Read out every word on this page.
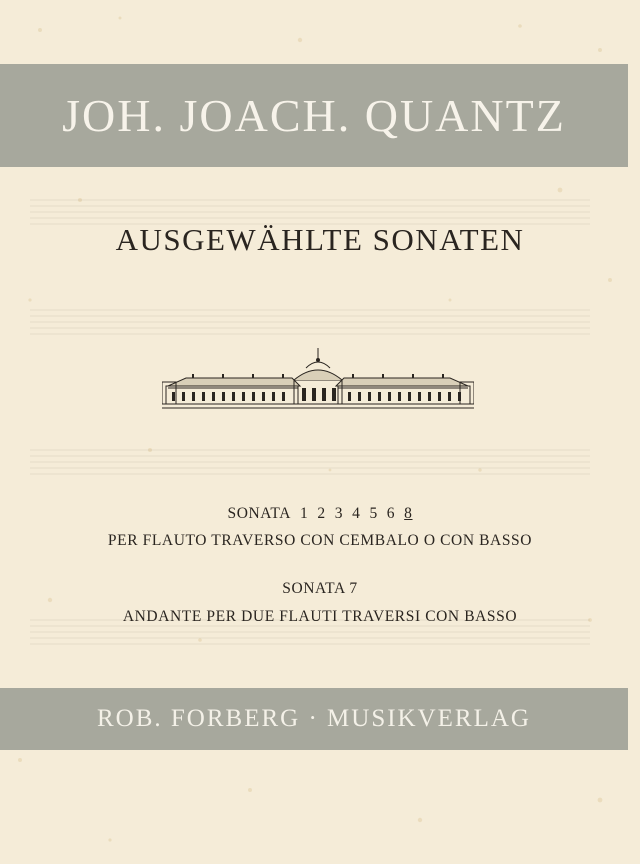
JOH. JOACH. QUANTZ
AUSGEWÄHLTE SONATEN
SONATA 1 2 3 4 5 6 8
PER FLAUTO TRAVERSO CON CEMBALO O CON BASSO
SONATA 7
ANDANTE PER DUE FLAUTI TRAVERSI CON BASSO
ROB. FORBERG · MUSIKVERLAG
